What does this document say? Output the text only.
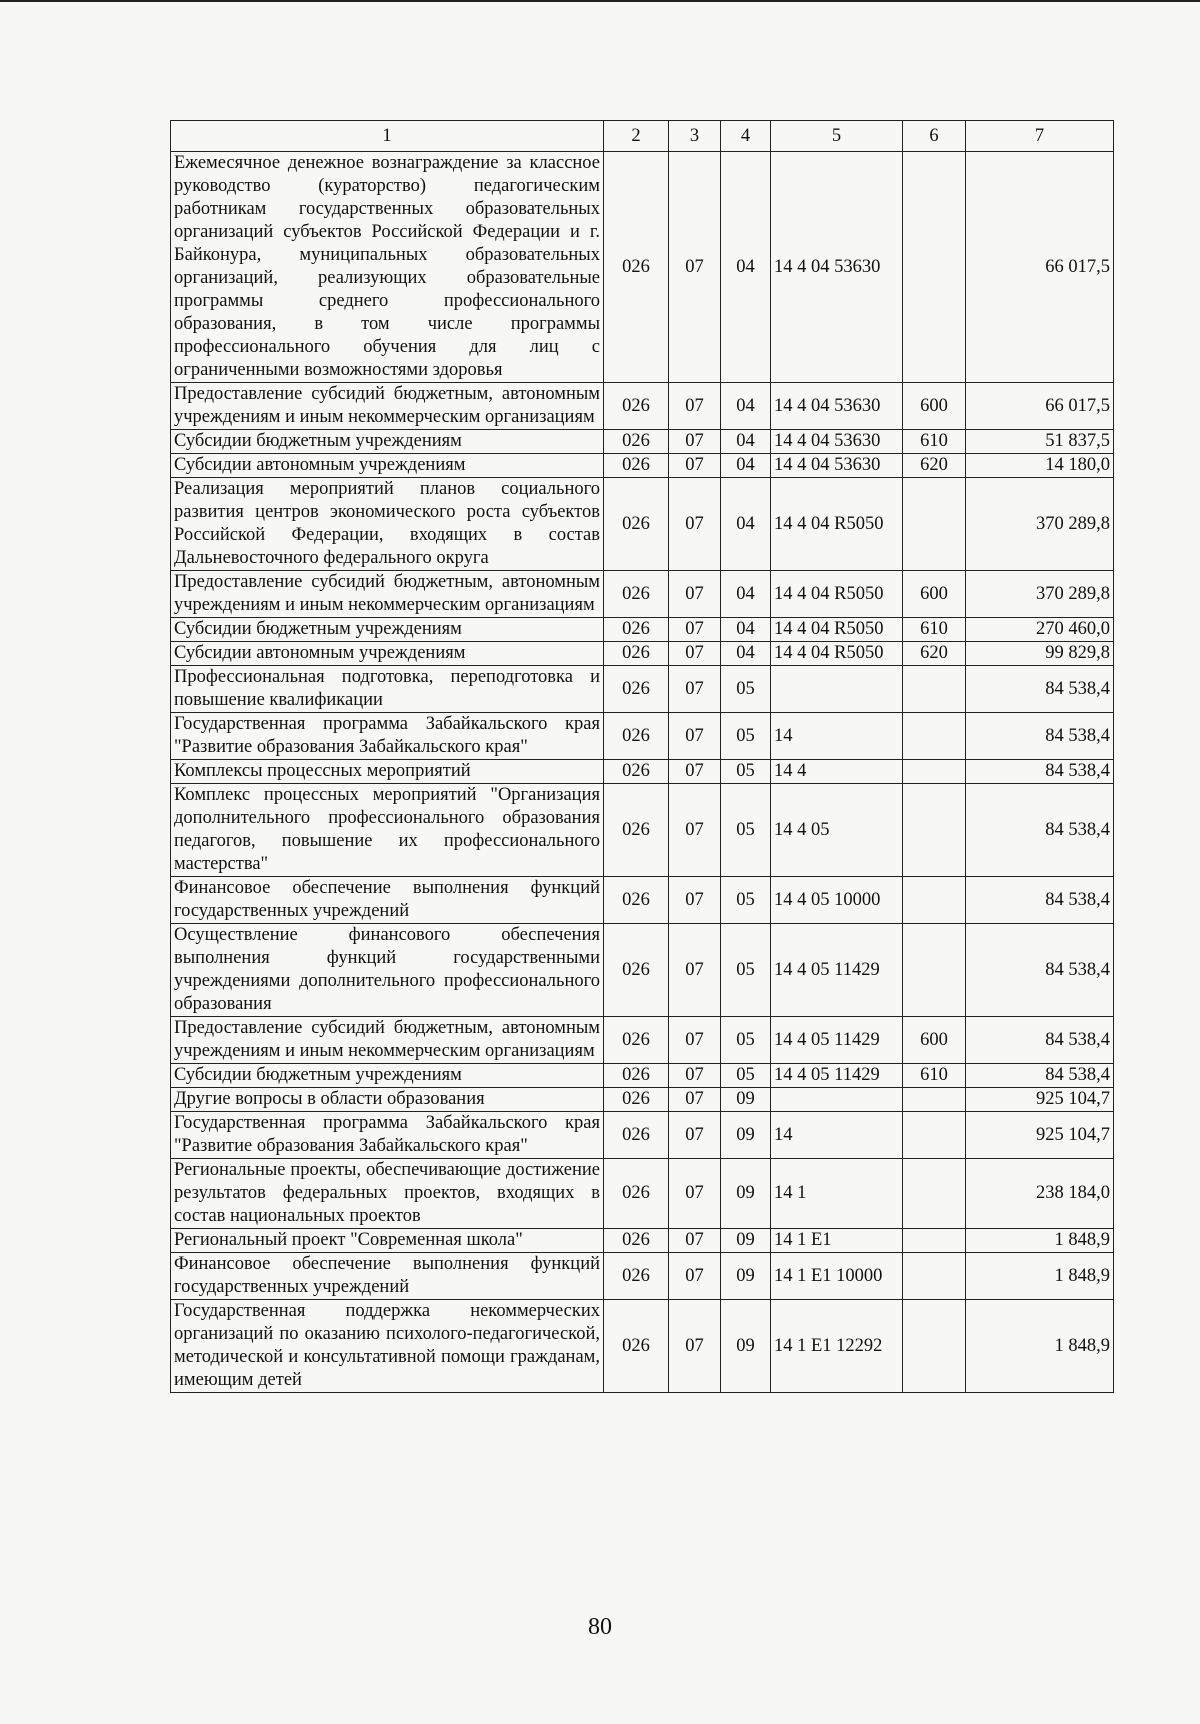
1	2	3	4	5	6	7
Ежемесячное денежное вознаграждение за классное руководство (кураторство) педагогическим работникам государственных образовательных организаций субъектов Российской Федерации и г. Байконура, муниципальных образовательных организаций, реализующих образовательные программы среднего профессионального образования, в том числе программы профессионального обучения для лиц с ограниченными возможностями здоровья	026	07	04	14 4 04 53630		66 017,5
Предоставление субсидий бюджетным, автономным учреждениям и иным некоммерческим организациям	026	07	04	14 4 04 53630	600	66 017,5
Субсидии бюджетным учреждениям	026	07	04	14 4 04 53630	610	51 837,5
Субсидии автономным учреждениям	026	07	04	14 4 04 53630	620	14 180,0
Реализация мероприятий планов социального развития центров экономического роста субъектов Российской Федерации, входящих в состав Дальневосточного федерального округа	026	07	04	14 4 04 R5050		370 289,8
Предоставление субсидий бюджетным, автономным учреждениям и иным некоммерческим организациям	026	07	04	14 4 04 R5050	600	370 289,8
Субсидии бюджетным учреждениям	026	07	04	14 4 04 R5050	610	270 460,0
Субсидии автономным учреждениям	026	07	04	14 4 04 R5050	620	99 829,8
Профессиональная подготовка, переподготовка и повышение квалификации	026	07	05			84 538,4
Государственная программа Забайкальского края "Развитие образования Забайкальского края"	026	07	05	14		84 538,4
Комплексы процессных мероприятий	026	07	05	14 4		84 538,4
Комплекс процессных мероприятий "Организация дополнительного профессионального образования педагогов, повышение их профессионального мастерства"	026	07	05	14 4 05		84 538,4
Финансовое обеспечение выполнения функций государственных учреждений	026	07	05	14 4 05 10000		84 538,4
Осуществление финансового обеспечения выполнения функций государственными учреждениями дополнительного профессионального образования	026	07	05	14 4 05 11429		84 538,4
Предоставление субсидий бюджетным, автономным учреждениям и иным некоммерческим организациям	026	07	05	14 4 05 11429	600	84 538,4
Субсидии бюджетным учреждениям	026	07	05	14 4 05 11429	610	84 538,4
Другие вопросы в области образования	026	07	09			925 104,7
Государственная программа Забайкальского края "Развитие образования Забайкальского края"	026	07	09	14		925 104,7
Региональные проекты, обеспечивающие достижение результатов федеральных проектов, входящих в состав национальных проектов	026	07	09	14 1		238 184,0
Региональный проект "Современная школа"	026	07	09	14 1 E1		1 848,9
Финансовое обеспечение выполнения функций государственных учреждений	026	07	09	14 1 E1 10000		1 848,9
Государственная поддержка некоммерческих организаций по оказанию психолого-педагогической, методической и консультативной помощи гражданам, имеющим детей	026	07	09	14 1 E1 12292		1 848,9
80
